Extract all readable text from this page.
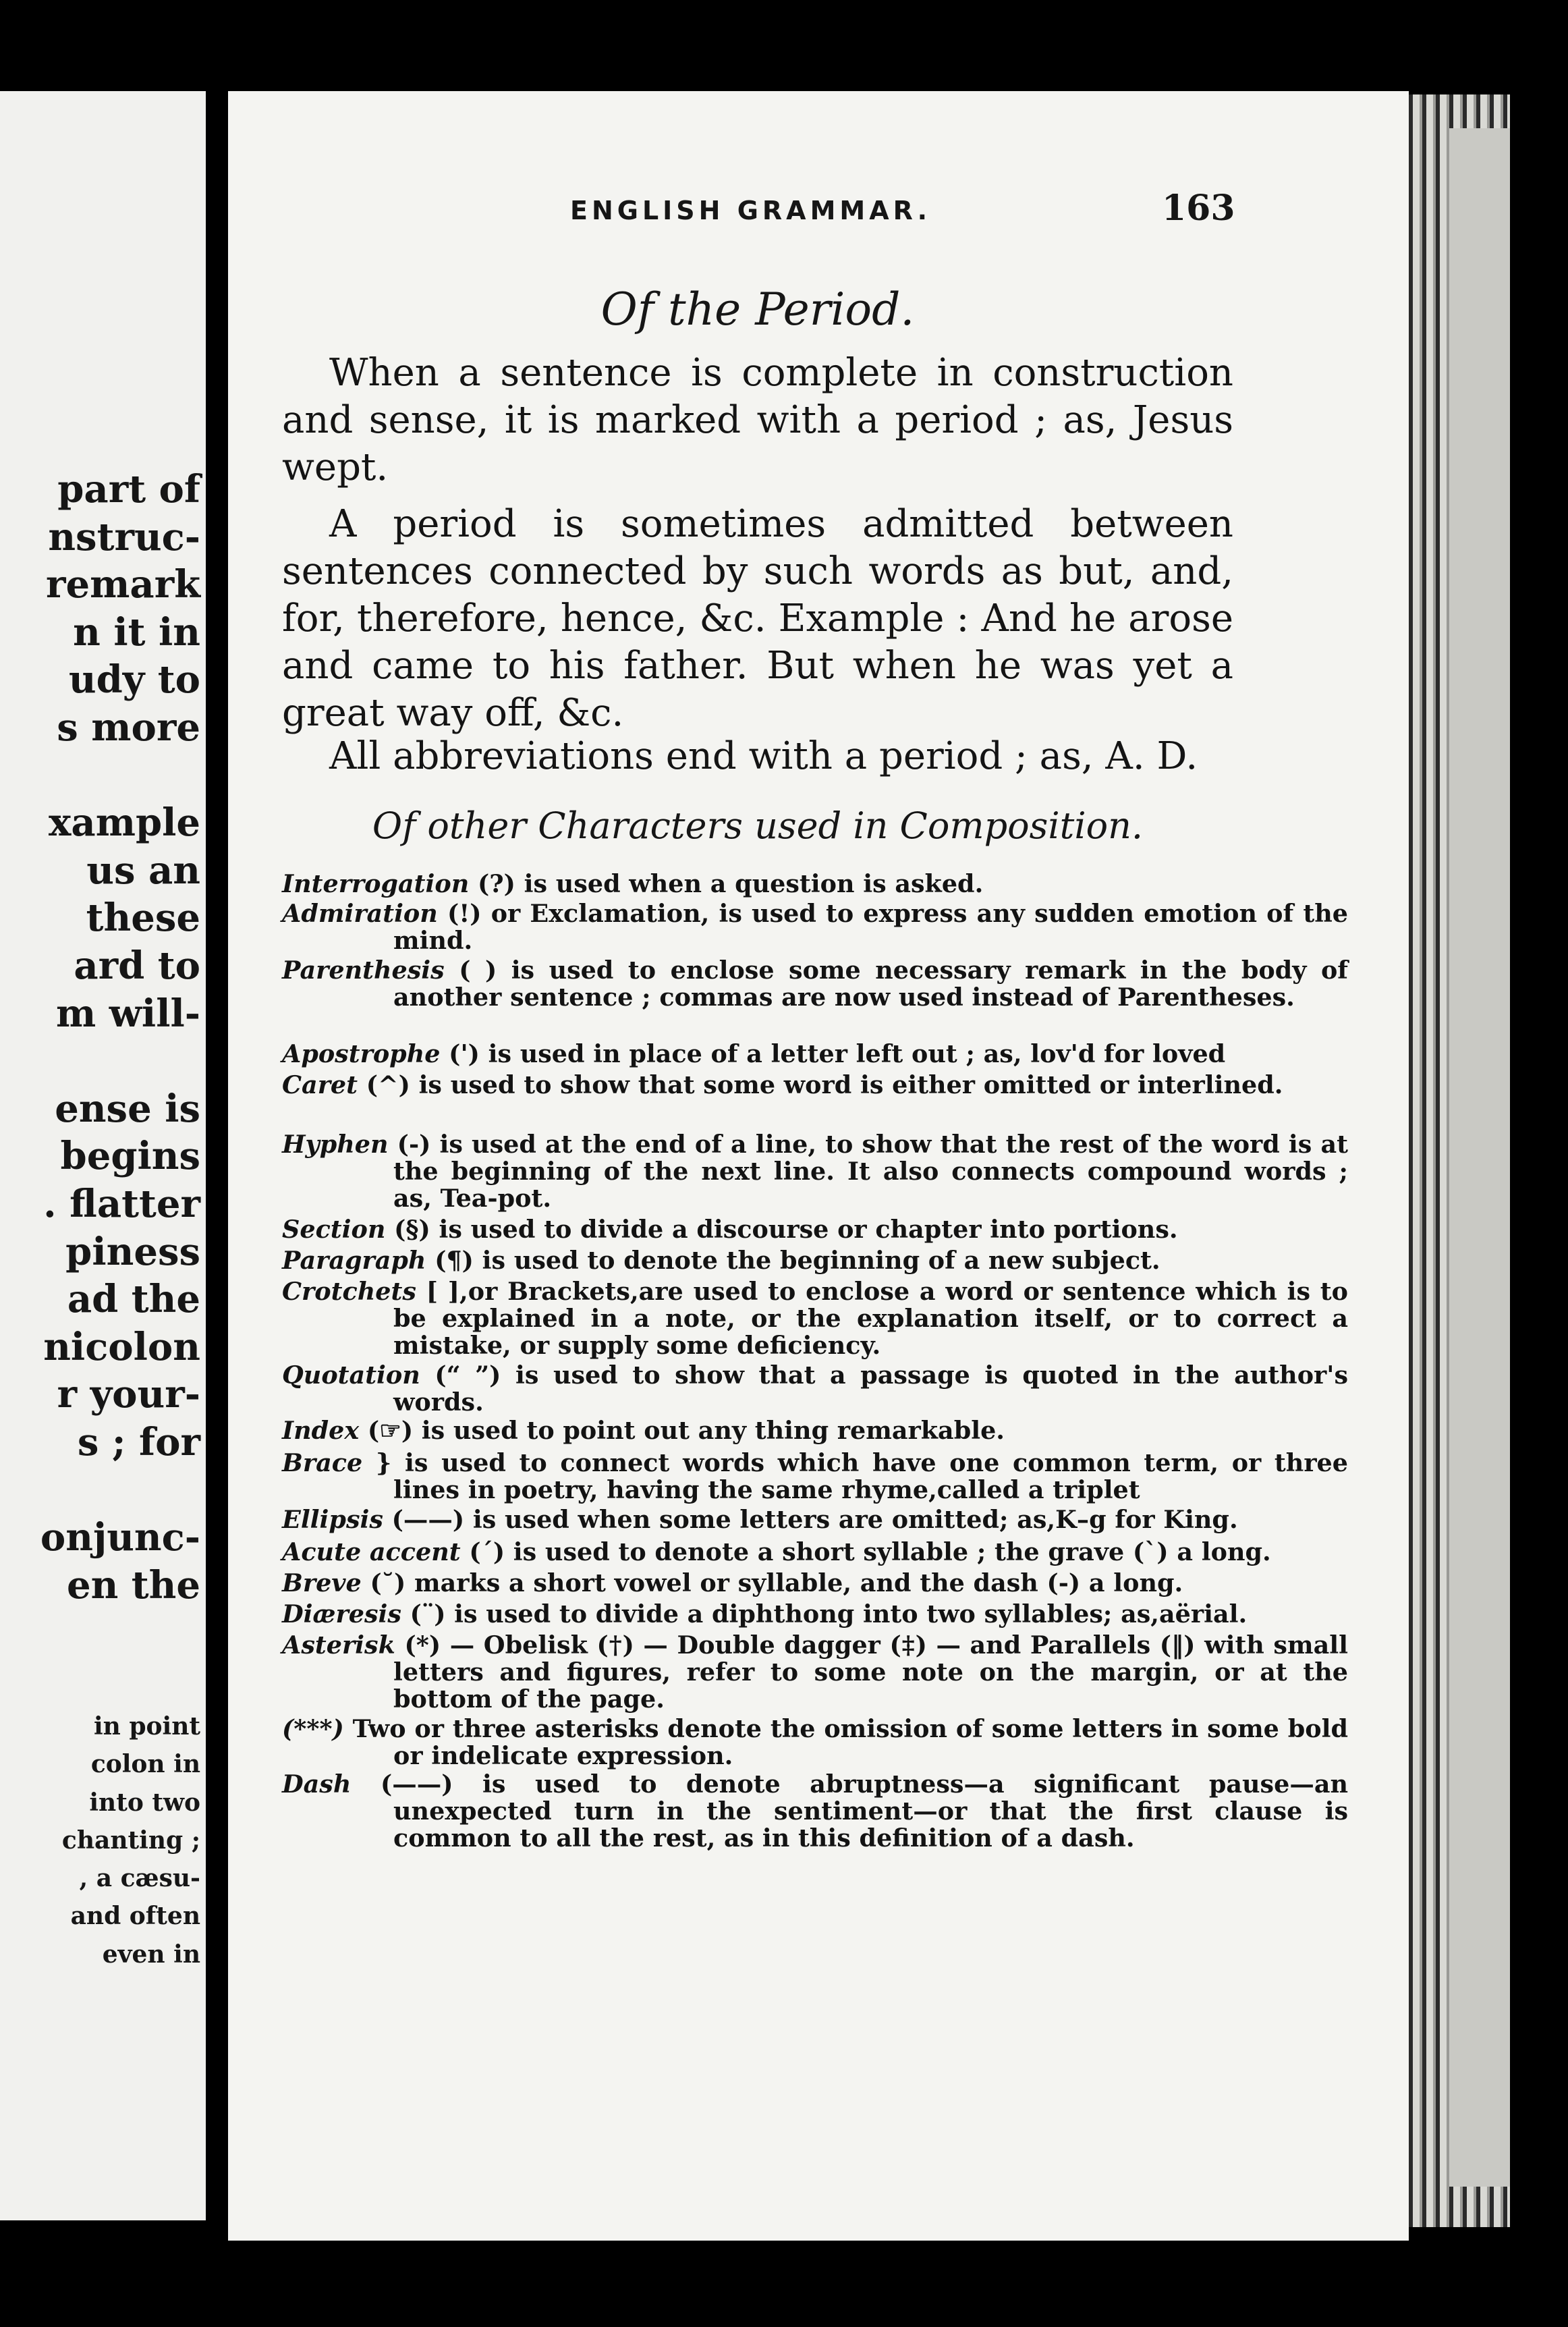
part of
nstruc-
remark
n it in
udy to
s more

xample
us an
these
ard to
m will-

ense is
begins
. flatter
piness
ad the
nicolon
r your-
s ; for

onjunc-
en the
in point
colon in
into two
chanting ;
, a cæsu-
and often
even in
ENGLISH GRAMMAR.	163
Of the Period.

When a sentence is complete in construction and sense, it is marked with a period ; as, Jesus wept.

A period is sometimes admitted between sentences connected by such words as but, and, for, therefore, hence, &c. Example : And he arose and came to his father. But when he was yet a great way off, &c.

All abbreviations end with a period ; as, A. D.

Of other Characters used in Composition.
Interrogation (?) is used when a question is asked.
Admiration (!) or Exclamation, is used to express any sudden emotion of the mind.
Parenthesis ( ) is used to enclose some necessary remark in the body of another sentence ; commas are now used instead of Parentheses.
Apostrophe (') is used in place of a letter left out ; as, lov'd for loved
Caret (^) is used to show that some word is either omitted or interlined.
Hyphen (-) is used at the end of a line, to show that the rest of the word is at the beginning of the next line. It also connects compound words ; as, Tea-pot.
Section (§) is used to divide a discourse or chapter into portions.
Paragraph (¶) is used to denote the beginning of a new subject.
Crotchets [ ],or Brackets,are used to enclose a word or sentence which is to be explained in a note, or the explanation itself, or to correct a mistake, or supply some deficiency.
Quotation (“ ”) is used to show that a passage is quoted in the author's words.
Index (☞) is used to point out any thing remarkable.
Brace } is used to connect words which have one common term, or three lines in poetry, having the same rhyme,called a triplet
Ellipsis (——) is used when some letters are omitted; as,K–g for King.
Acute accent (´) is used to denote a short syllable ; the grave (`) a long.
Breve (˘) marks a short vowel or syllable, and the dash (-) a long.
Diæresis (¨) is used to divide a diphthong into two syllables; as,aërial.
Asterisk (*) — Obelisk (†) — Double dagger (‡) — and Parallels (‖) with small letters and figures, refer to some note on the margin, or at the bottom of the page.
(***) Two or three asterisks denote the omission of some letters in some bold or indelicate expression.
Dash (——) is used to denote abruptness—a significant pause—an unexpected turn in the sentiment—or that the first clause is common to all the rest, as in this definition of a dash.
